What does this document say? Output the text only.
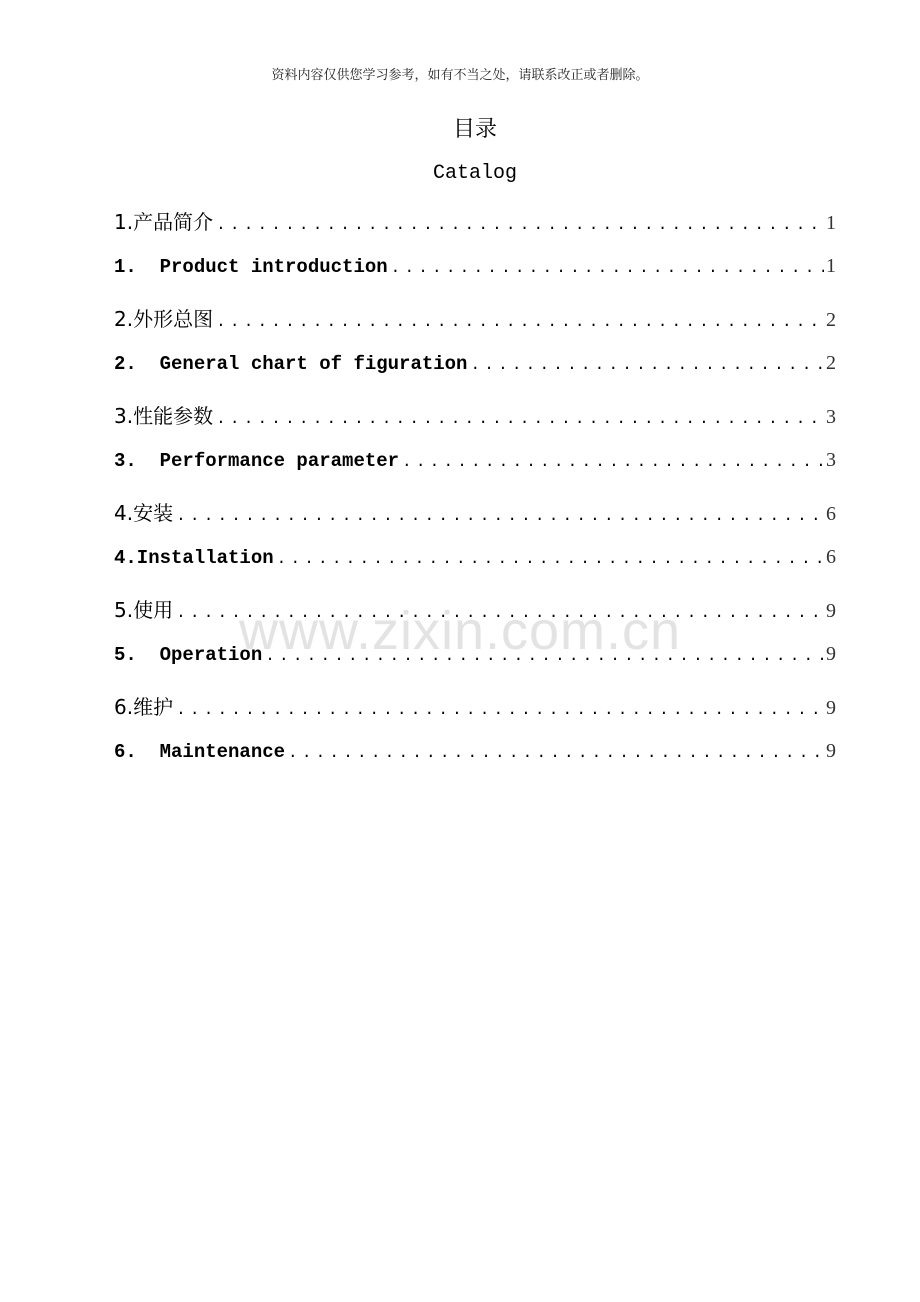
资料内容仅供您学习参考，如有不当之处，请联系改正或者删除。
目录
Catalog
1.产品简介 .....	1
1.  Product introduction .....	1
2.外形总图 .....	2
2.  General chart of figuration .....	2
3.性能参数 .....	3
3.  Performance parameter .....	3
4.安装 .....	6
4.Installation .....	6
5.使用 .....	9
5.  Operation .....	9
6.维护 .....	9
6.  Maintenance .....	9
www.zixin.com.cn
